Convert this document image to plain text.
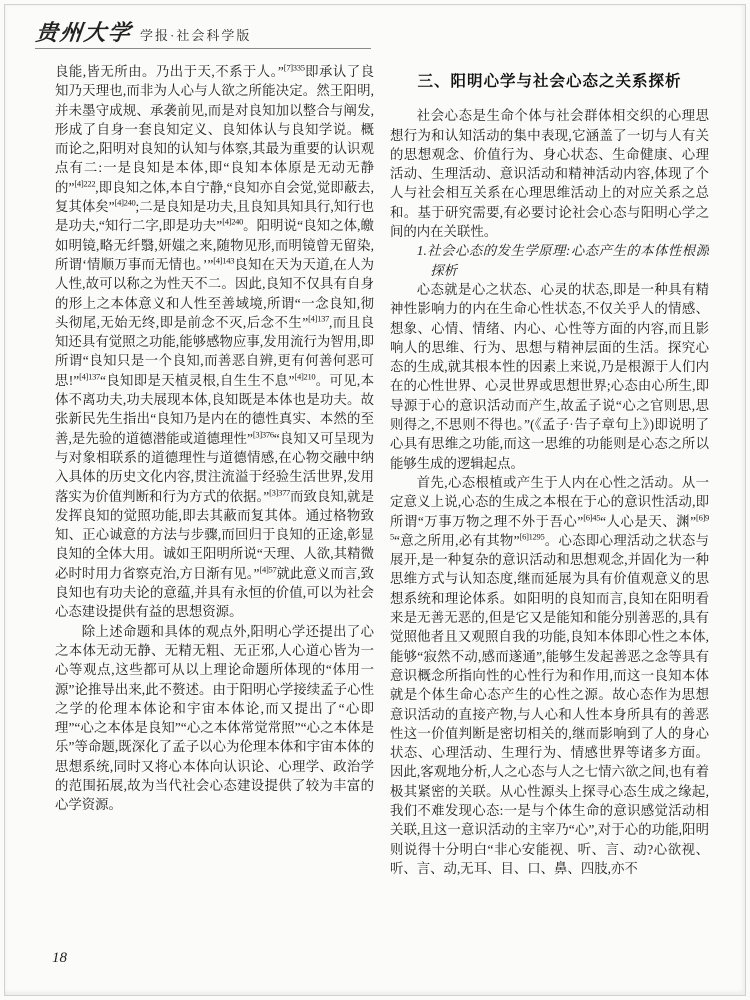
贵州大学 学报·社会科学版

良能,皆无所由。乃出于天,不系于人。”$^{[7]335}$即承认了良知乃天理也,而非为人心与人欲之所能决定。然王阳明,并未墨守成规、承袭前见,而是对良知加以整合与阐发,形成了自身一套良知定义、良知体认与良知学说。概而论之,阳明对良知的认知与体察,其最为重要的认识观点有二:一是良知是本体,即“良知本体原是无动无静的”$^{[4]222}$,即良知之体,本自宁静,“良知亦自会觉,觉即蔽去,复其体矣”$^{[4]240}$;二是良知是功夫,且良知具知具行,知行也是功夫,“知行二字,即是功夫”$^{[4]240}$。阳明说“良知之体,皦如明镜,略无纤翳,妍媸之来,随物见形,而明镜曾无留染,所谓‘情顺万事而无情也。’”$^{[4]143}$良知在天为天道,在人为人性,故可以称之为性天不二。因此,良知不仅具有自身的形上之本体意义和人性至善域境,所谓“一念良知,彻头彻尾,无始无终,即是前念不灭,后念不生”$^{[4]137}$,而且良知还具有觉照之功能,能够感物应事,发用流行为智用,即所谓“良知只是一个良知,而善恶自辨,更有何善何恶可思!”$^{[4]137}$“良知即是天植灵根,自生生不息”$^{[4]210}$。可见,本体不离功夫,功夫展现本体,良知既是本体也是功夫。故张新民先生指出“良知乃是内在的德性真实、本然的至善,是先验的道德潜能或道德理性”$^{[3]376}$“良知又可呈现为与对象相联系的道德理性与道德情感,在心物交融中纳入具体的历史文化内容,贯注流溢于经验生活世界,发用落实为价值判断和行为方式的依据。”$^{[3]377}$而致良知,就是发挥良知的觉照功能,即去其蔽而复其体。通过格物致知、正心诚意的方法与步骤,而回归于良知的正途,彰显良知的全体大用。诚如王阳明所说“天理、人欲,其精微必时时用力省察克治,方日渐有见。”$^{[4]57}$就此意义而言,致良知也有功夫论的意蕴,并具有永恒的价值,可以为社会心态建设提供有益的思想资源。

除上述命题和具体的观点外,阳明心学还提出了心之本体无动无静、无精无粗、无正邪,人心道心皆为一心等观点,这些都可从以上理论命题所体现的“体用一源”论推导出来,此不赘述。由于阳明心学接续孟子心性之学的伦理本体论和宇宙本体论,而又提出了“心即理”“心之本体是良知”“心之本体常觉常照”“心之本体是乐”等命题,既深化了孟子以心为伦理本体和宇宙本体的思想系统,同时又将心本体向认识论、心理学、政治学的范围拓展,故为当代社会心态建设提供了较为丰富的心学资源。

三、阳明心学与社会心态之关系探析

社会心态是生命个体与社会群体相交织的心理思想行为和认知活动的集中表现,它涵盖了一切与人有关的思想观念、价值行为、身心状态、生命健康、心理活动、生理活动、意识活动和精神活动内容,体现了个人与社会相互关系在心理思维活动上的对应关系之总和。基于研究需要,有必要讨论社会心态与阳明心学之间的内在关联性。

1.社会心态的发生学原理:心态产生的本体性根源探析

心态就是心之状态、心灵的状态,即是一种具有精神性影响力的内在生命心性状态,不仅关乎人的情感、想象、心情、情绪、内心、心性等方面的内容,而且影响人的思维、行为、思想与精神层面的生活。探究心态的生成,就其根本性的因素上来说,乃是根源于人们内在的心性世界、心灵世界或思想世界;心态由心所生,即导源于心的意识活动而产生,故孟子说“心之官则思,思则得之,不思则不得也。”(《孟子·告子章句上》)即说明了心具有思维之功能,而这一思维的功能则是心态之所以能够生成的逻辑起点。

首先,心态根植或产生于人内在心性之活动。从一定意义上说,心态的生成之本根在于心的意识性活动,即所谓“万事万物之理不外于吾心”$^{[6]45}$“人心是天、渊”$^{[6]95}$“意之所用,必有其物”$^{[6]1295}$。心态即心理活动之状态与展开,是一种复杂的意识活动和思想观念,并固化为一种思维方式与认知态度,继而延展为具有价值观意义的思想系统和理论体系。如阳明的良知而言,良知在阳明看来是无善无恶的,但是它又是能知和能分别善恶的,具有觉照他者且又观照自我的功能,良知本体即心性之本体,能够“寂然不动,感而遂通”,能够生发起善恶之念等具有意识概念所指向性的心性行为和作用,而这一良知本体就是个体生命心态产生的心性之源。故心态作为思想意识活动的直接产物,与人心和人性本身所具有的善恶性这一价值判断是密切相关的,继而影响到了人的身心状态、心理活动、生理行为、情感世界等诸多方面。因此,客观地分析,人之心态与人之七情六欲之间,也有着极其紧密的关联。从心性源头上探寻心态生成之缘起,我们不难发现心态:一是与个体生命的意识感觉活动相关联,且这一意识活动的主宰乃“心”,对于心的功能,阳明则说得十分明白“非心安能视、听、言、动?心欲视、听、言、动,无耳、目、口、鼻、四肢,亦不

18
